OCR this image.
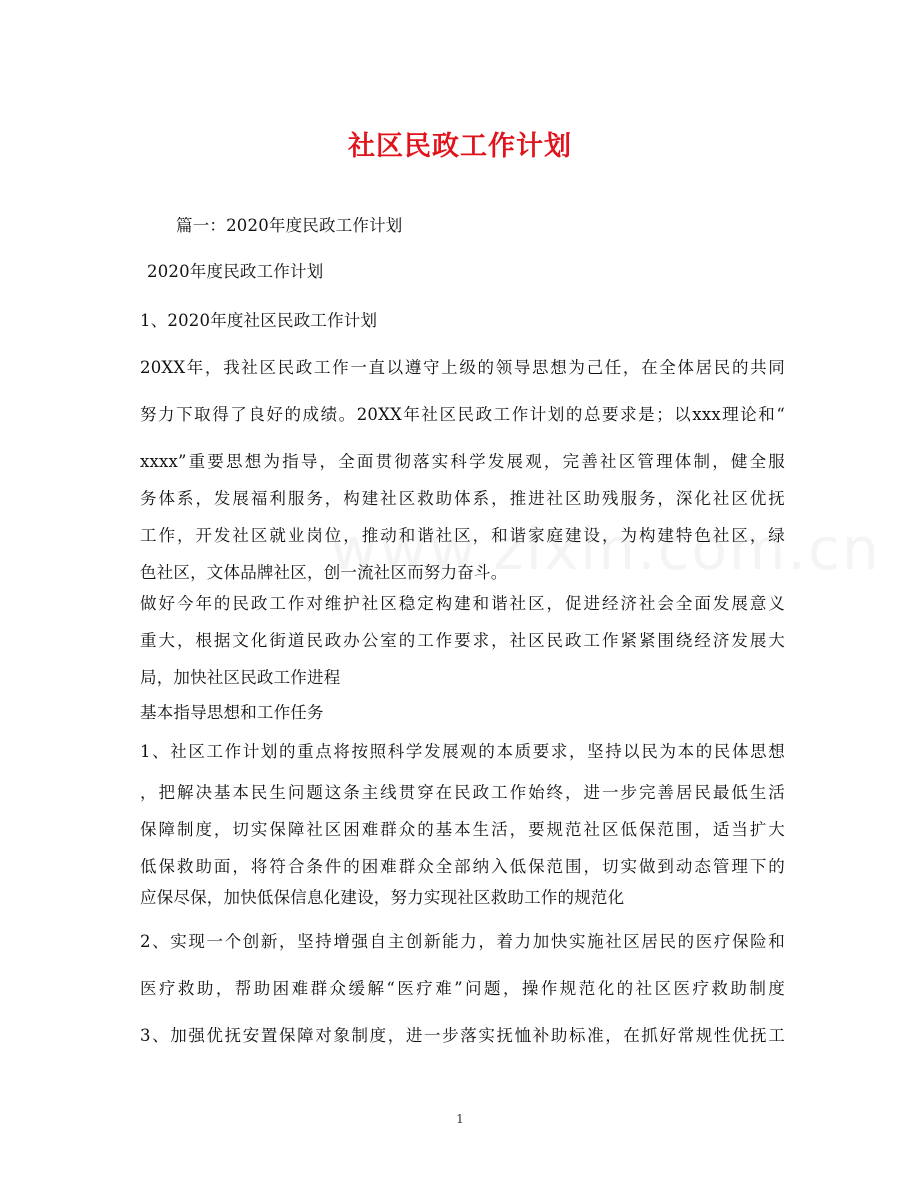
社区民政工作计划
篇一：2020年度民政工作计划
2020年度民政工作计划
1、2020年度社区民政工作计划
20XX年，我社区民政工作一直以遵守上级的领导思想为己任，在全体居民的共同
努力下取得了良好的成绩。20XX年社区民政工作计划的总要求是；以xxx理论和“
xxxx”重要思想为指导，全面贯彻落实科学发展观，完善社区管理体制，健全服
务体系，发展福利服务，构建社区救助体系，推进社区助残服务，深化社区优抚
工作，开发社区就业岗位，推动和谐社区，和谐家庭建设，为构建特色社区，绿
色社区，文体品牌社区，创一流社区而努力奋斗。
做好今年的民政工作对维护社区稳定构建和谐社区，促进经济社会全面发展意义
重大，根据文化街道民政办公室的工作要求，社区民政工作紧紧围绕经济发展大
局，加快社区民政工作进程
基本指导思想和工作任务
1、社区工作计划的重点将按照科学发展观的本质要求，坚持以民为本的民体思想
，把解决基本民生问题这条主线贯穿在民政工作始终，进一步完善居民最低生活
保障制度，切实保障社区困难群众的基本生活，要规范社区低保范围，适当扩大
低保救助面，将符合条件的困难群众全部纳入低保范围，切实做到动态管理下的
应保尽保，加快低保信息化建设，努力实现社区救助工作的规范化
2、实现一个创新，坚持增强自主创新能力，着力加快实施社区居民的医疗保险和
医疗救助，帮助困难群众缓解“医疗难”问题，操作规范化的社区医疗救助制度
3、加强优抚安置保障对象制度，进一步落实抚恤补助标准，在抓好常规性优抚工
1
